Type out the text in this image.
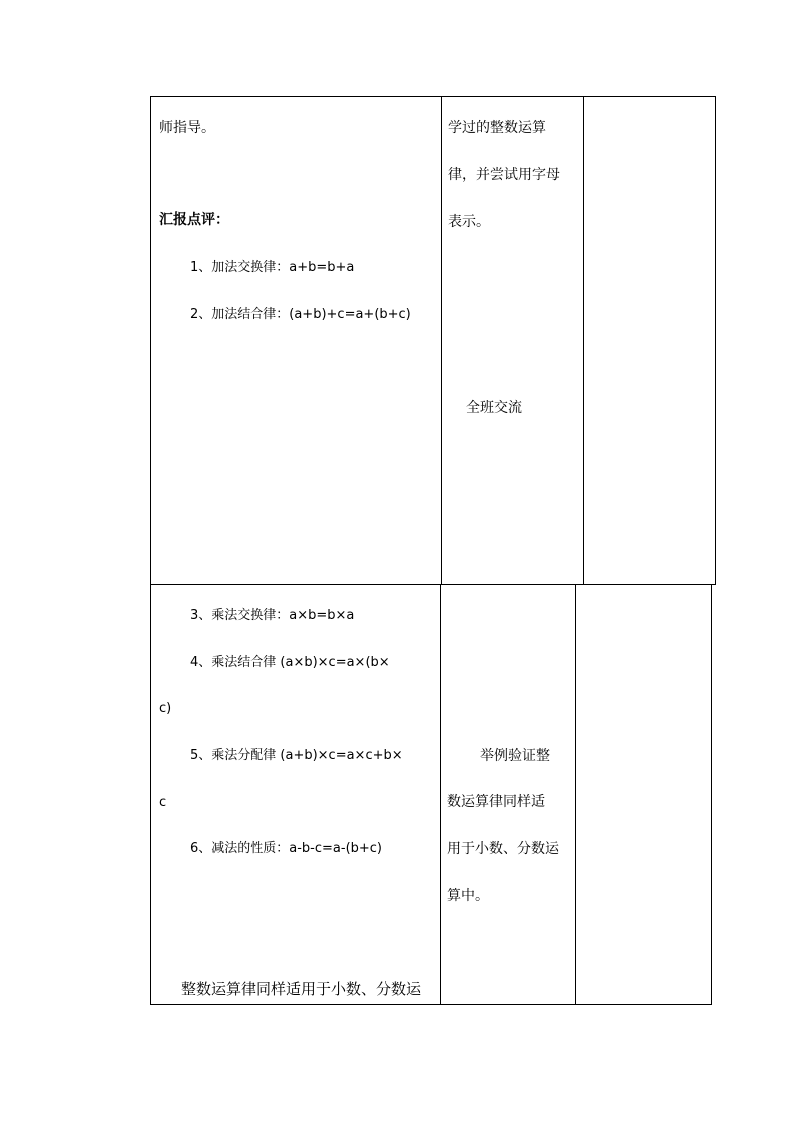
师指导。
汇报点评：
1、加法交换律：a+b=b+a
2、加法结合律：(a+b)+c=a+(b+c)
学过的整数运算
律，并尝试用字母
表示。
全班交流
3、乘法交换律：a×b=b×a
4、乘法结合律 (a×b)×c=a×(b×
c)
5、乘法分配律 (a+b)×c=a×c+b×
c
6、减法的性质：a-b-c=a-(b+c)
整数运算律同样适用于小数、分数运
举例验证整
数运算律同样适
用于小数、分数运
算中。
